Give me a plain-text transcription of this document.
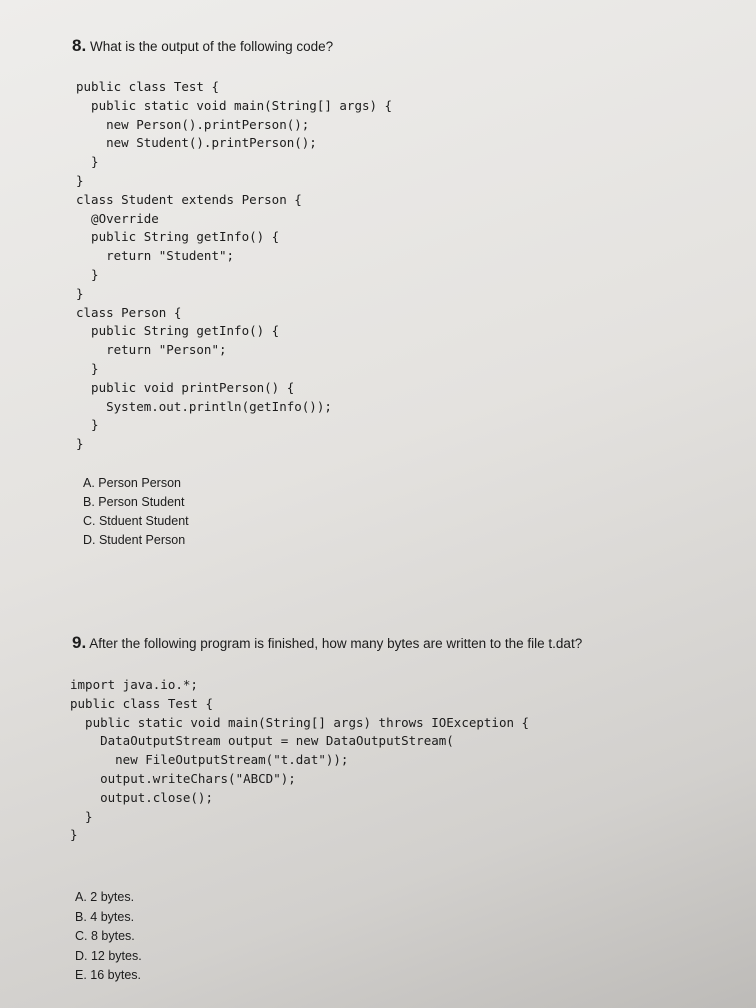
8. What is the output of the following code?
public class Test {
public static void main(String[] args) {
new Person().printPerson();
new Student().printPerson();
}
}
class Student extends Person {
@Override
public String getInfo() {
return "Student";
}
}
class Person {
public String getInfo() {
return "Person";
}
public void printPerson() {
System.out.println(getInfo());
}
}
A. Person Person
B. Person Student
C. Stduent Student
D. Student Person
9. After the following program is finished, how many bytes are written to the file t.dat?
import java.io.*;
public class Test {
public static void main(String[] args) throws IOException {
DataOutputStream output = new DataOutputStream(
new FileOutputStream("t.dat"));
output.writeChars("ABCD");
output.close();
}
}
A. 2 bytes.
B. 4 bytes.
C. 8 bytes.
D. 12 bytes.
E. 16 bytes.
